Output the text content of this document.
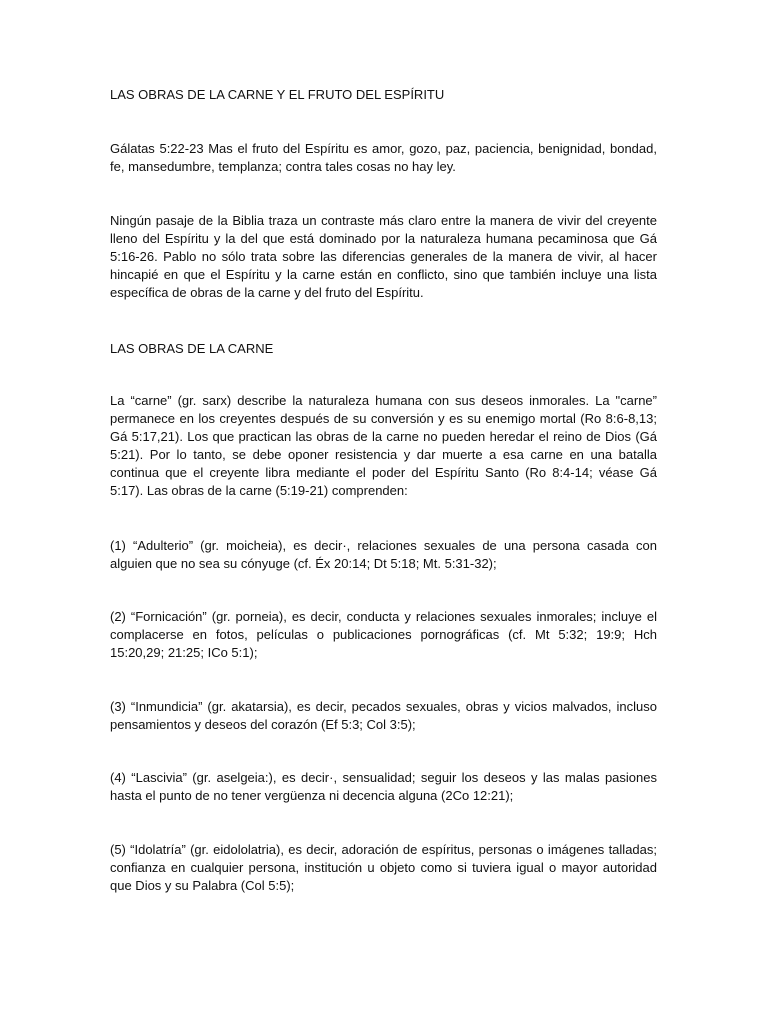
LAS OBRAS DE LA CARNE Y EL FRUTO DEL ESPÍRITU

Gálatas 5:22-23 Mas el fruto del Espíritu es amor, gozo, paz, paciencia, benignidad, bondad, fe, mansedumbre, templanza; contra tales cosas no hay ley.

Ningún pasaje de la Biblia traza un contraste más claro entre la manera de vivir del creyente lleno del Espíritu y la del que está dominado por la naturaleza humana pecaminosa que Gá 5:16-26. Pablo no sólo trata sobre las diferencias generales de la manera de vivir, al hacer hincapié en que el Espíritu y la carne están en conflicto, sino que también incluye una lista específica de obras de la carne y del fruto del Espíritu.

LAS OBRAS DE LA CARNE

La “carne” (gr. sarx) describe la naturaleza humana con sus deseos inmorales. La "carne” permanece en los creyentes después de su conversión y es su enemigo mortal (Ro 8:6-8,13; Gá 5:17,21). Los que practican las obras de la carne no pueden heredar el reino de Dios (Gá 5:21). Por lo tanto, se debe oponer resistencia y dar muerte a esa carne en una batalla continua que el creyente libra mediante el poder del Espíritu Santo (Ro 8:4-14; véase Gá 5:17). Las obras de la carne (5:19-21) comprenden:

(1) “Adulterio” (gr. moicheia), es decir·, relaciones sexuales de una persona casada con alguien que no sea su cónyuge (cf. Éx 20:14; Dt 5:18; Mt. 5:31-32);

(2) “Fornicación” (gr. porneia), es decir, conducta y relaciones sexuales inmorales; incluye el complacerse en fotos, películas o publicaciones pornográficas (cf. Mt 5:32; 19:9; Hch 15:20,29; 21:25; ICo 5:1);

(3) “Inmundicia” (gr. akatarsia), es decir, pecados sexuales, obras y vicios malvados, incluso pensamientos y deseos del corazón (Ef 5:3; Col 3:5);

(4) “Lascivia” (gr. aselgeia:), es decir·, sensualidad; seguir los deseos y las malas pasiones hasta el punto de no tener vergüenza ni decencia alguna (2Co 12:21);

(5) “Idolatría” (gr. eidololatria), es decir, adoración de espíritus, personas o imágenes talladas; confianza en cualquier persona, institución u objeto como si tuviera igual o mayor autoridad que Dios y su Palabra (Col 5:5);
